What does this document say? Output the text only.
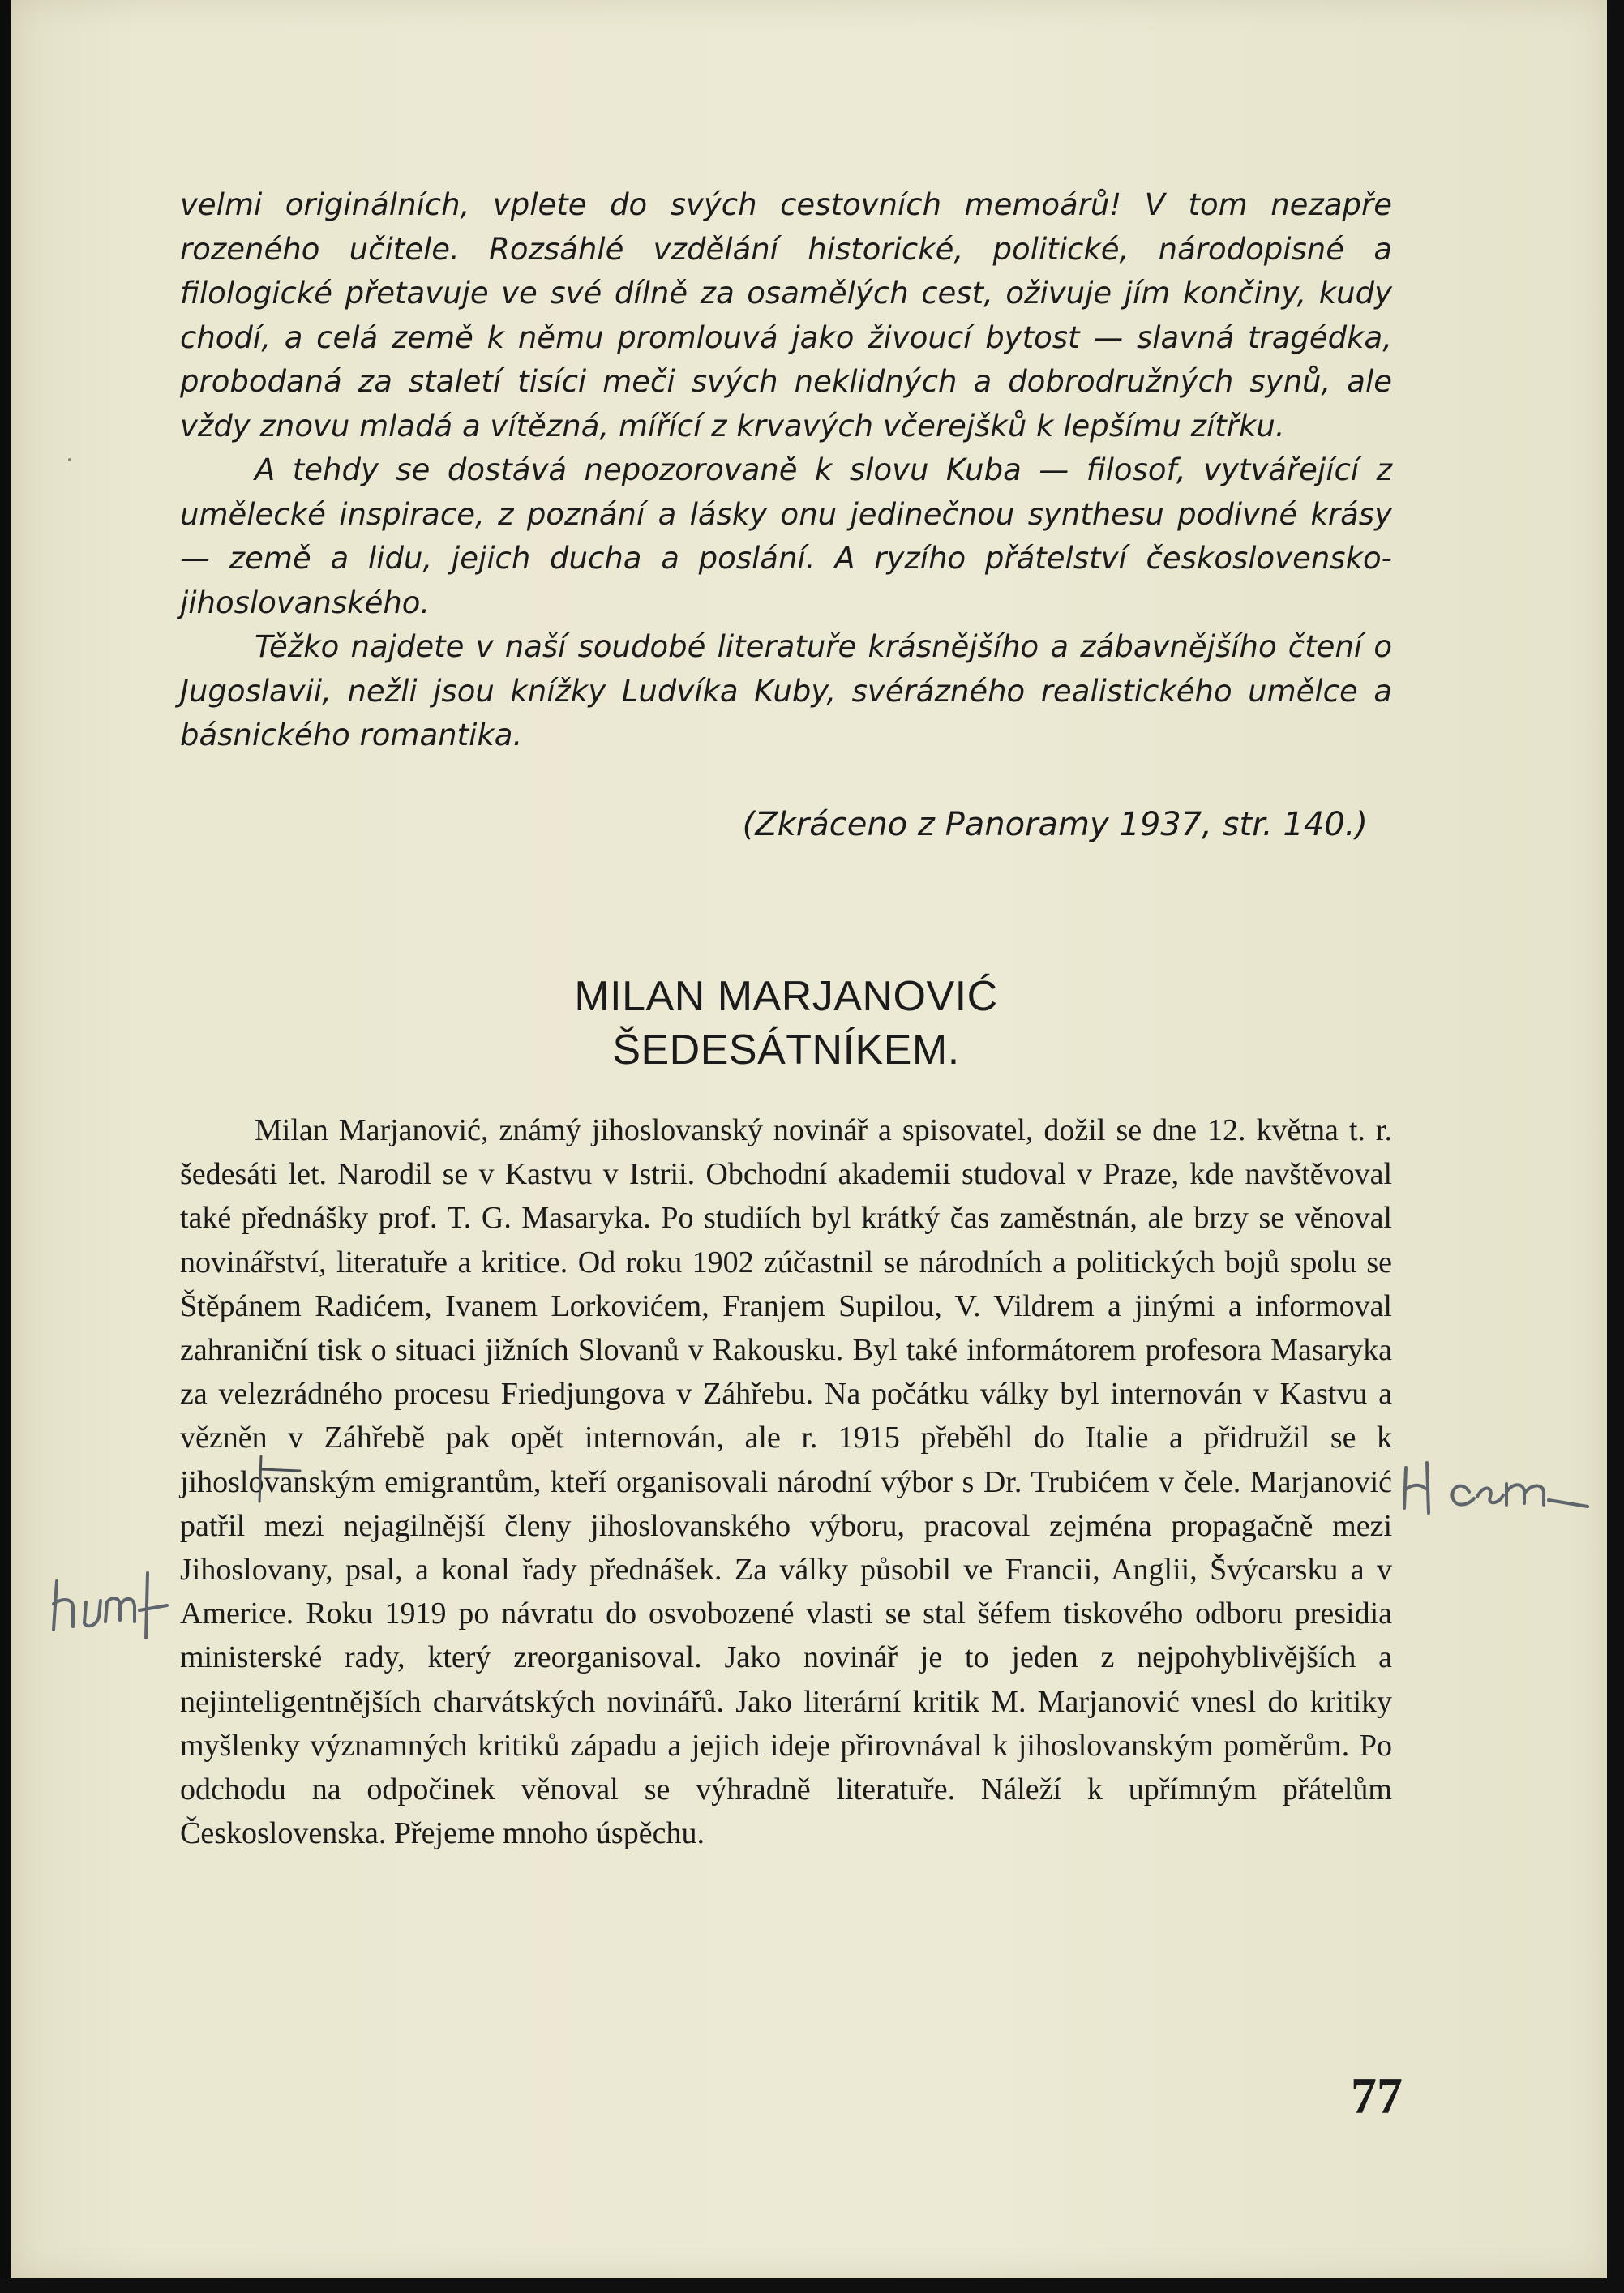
velmi originálních, vplete do svých cestovních memoárů! V tom nezapře rozeného učitele. Rozsáhlé vzdělání historické, politické, národopisné a filologické přetavuje ve své dílně za osamělých cest, oživuje jím končiny, kudy chodí, a celá země k němu promlouvá jako živoucí bytost — slavná tragédka, probodaná za staletí tisíci meči svých neklidných a dobrodružných synů, ale vždy znovu mladá a vítězná, mířící z krvavých včerejšků k lepšímu zítřku.

A tehdy se dostává nepozorovaně k slovu Kuba — filosof, vytvářející z umělecké inspirace, z poznání a lásky onu jedinečnou synthesu podivné krásy — země a lidu, jejich ducha a poslání. A ryzího přátelství československo-jihoslovanského.

Těžko najdete v naší soudobé literatuře krásnějšího a zábavnějšího čtení o Jugoslavii, nežli jsou knížky Ludvíka Kuby, svérázného realistického umělce a básnického romantika.

(Zkráceno z Panoramy 1937, str. 140.)
MILAN MARJANOVIĆ
ŠEDESÁTNÍKEM.

Milan Marjanović, známý jihoslovanský novinář a spisovatel, dožil se dne 12. května t. r. šedesáti let. Narodil se v Kastvu v Istrii. Obchodní akademii studoval v Praze, kde navštěvoval také přednášky prof. T. G. Masaryka. Po studiích byl krátký čas zaměstnán, ale brzy se věnoval novinářství, literatuře a kritice. Od roku 1902 zúčastnil se národních a politických bojů spolu se Štěpánem Radićem, Ivanem Lorkovićem, Franjem Supilou, V. Vildrem a jinými a informoval zahraniční tisk o situaci jižních Slovanů v Rakousku. Byl také informátorem profesora Masaryka za velezrádného procesu Friedjungova v Záhřebu. Na počátku války byl internován v Kastvu a vězněn v Záhřebě pak opět internován, ale r. 1915 přeběhl do Italie a přidružil se k jihoslovanským emigrantům, kteří organisovali národní výbor s Dr. Trubićem v čele. Marjanović patřil mezi nejagilnější členy jihoslovanského výboru, pracoval zejména propagačně mezi Jihoslovany, psal, a konal řady přednášek. Za války působil ve Francii, Anglii, Švýcarsku a v Americe. Roku 1919 po návratu do osvobozené vlasti se stal šéfem tiskového odboru presidia ministerské rady, který zreorganisoval. Jako novinář je to jeden z nejpohyblivějších a nejinteligentnějších charvátských novinářů. Jako literární kritik M. Marjanović vnesl do kritiky myšlenky významných kritiků západu a jejich ideje přirovnával k jihoslovanským poměrům. Po odchodu na odpočinek věnoval se výhradně literatuře. Náleží k upřímným přátelům Československa. Přejeme mnoho úspěchu.

77
